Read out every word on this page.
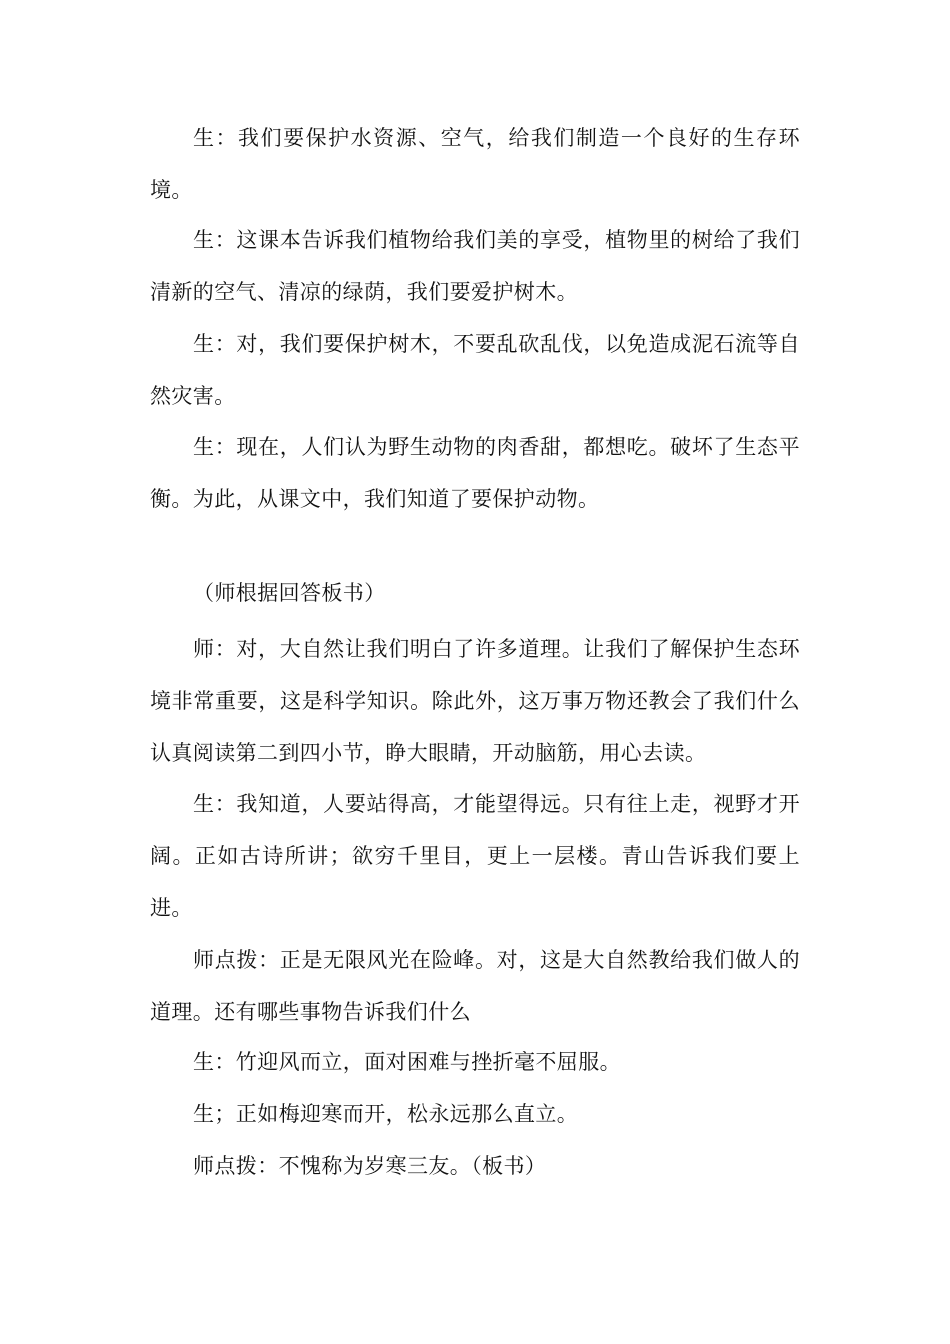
生：我们要保护水资源、空气，给我们制造一个良好的生存环境。

生：这课本告诉我们植物给我们美的享受，植物里的树给了我们清新的空气、清凉的绿荫，我们要爱护树木。

生：对，我们要保护树木，不要乱砍乱伐，以免造成泥石流等自然灾害。

生：现在，人们认为野生动物的肉香甜，都想吃。破坏了生态平衡。为此，从课文中，我们知道了要保护动物。

（师根据回答板书）

师：对，大自然让我们明白了许多道理。让我们了解保护生态环境非常重要，这是科学知识。除此外，这万事万物还教会了我们什么认真阅读第二到四小节，睁大眼睛，开动脑筋，用心去读。

生：我知道，人要站得高，才能望得远。只有往上走，视野才开阔。正如古诗所讲；欲穷千里目，更上一层楼。青山告诉我们要上进。

师点拨：正是无限风光在险峰。对，这是大自然教给我们做人的道理。还有哪些事物告诉我们什么

生：竹迎风而立，面对困难与挫折毫不屈服。

生；正如梅迎寒而开，松永远那么直立。

师点拨：不愧称为岁寒三友。（板书）
